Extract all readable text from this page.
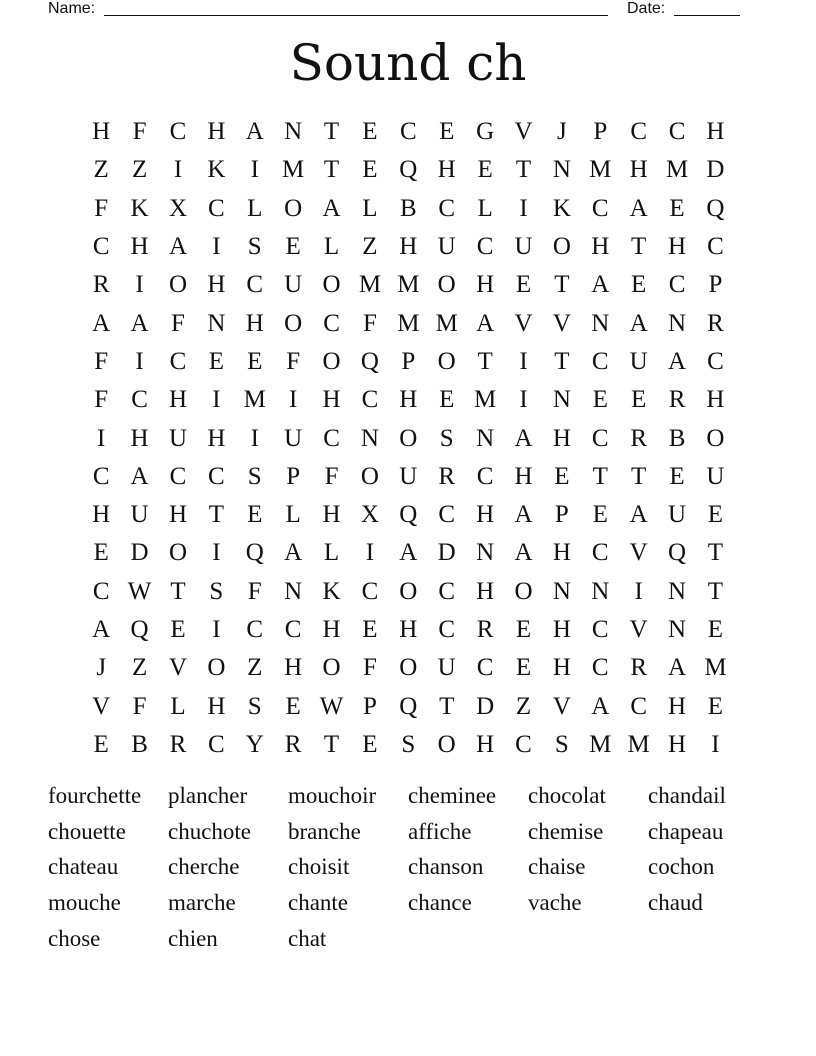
Name:	Date:
Sound ch
H F C H A N T E C E G V J	P C C H
Z Z	I	K	I M T E Q H E T N M H M D
F K X C L O A L B C L	I	K C A E Q
C H A	I	S E L Z H U C U O H T H C
R	I	O H C U O M M O H E T A E C P
A A F N H O C F M M A V V N A N R
F	I	C E E F O Q P O T	I	T C U A C
F C H	I M I	H C H E M I	N E E R H
I	H U H	I	U C N O S N A H C R B O
C A C C S P F O U R C H E T T E U
H U H T E L H X Q C H A P E A U E
E D O	I	Q A L	I	A D N A H C V Q T
C W T S F N K C O C H O N N	I	N T
A Q E	I	C C H E H C R E H C V N E
J	Z V O Z H O F O U C E H C R A M
V F L H S E W P Q T D Z V A C H E
E B R C Y R T E S O H C S M M H	I
fourchette	plancher	mouchoir	cheminee	chocolat	chandail
chouette	chuchote	branche	affiche	chemise	chapeau
chateau	cherche	choisit	chanson	chaise	cochon
mouche	marche	chante	chance	vache	chaud
chose	chien	chat
